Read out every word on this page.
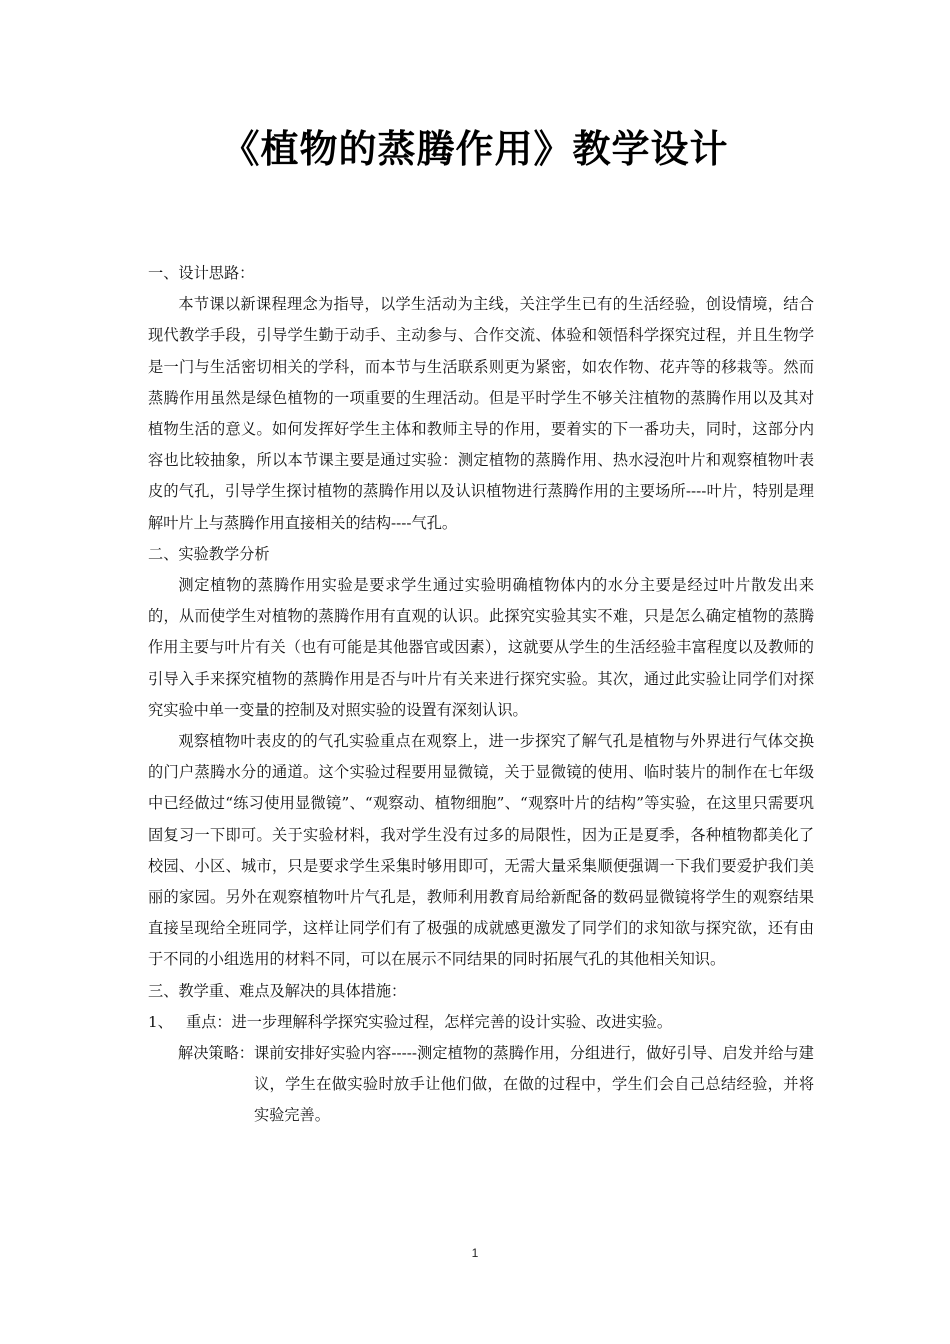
《植物的蒸腾作用》教学设计

一、设计思路：

本节课以新课程理念为指导，以学生活动为主线，关注学生已有的生活经验，创设情境，结合现代教学手段，引导学生勤于动手、主动参与、合作交流、体验和领悟科学探究过程，并且生物学是一门与生活密切相关的学科，而本节与生活联系则更为紧密，如农作物、花卉等的移栽等。然而蒸腾作用虽然是绿色植物的一项重要的生理活动。但是平时学生不够关注植物的蒸腾作用以及其对植物生活的意义。如何发挥好学生主体和教师主导的作用，要着实的下一番功夫，同时，这部分内容也比较抽象，所以本节课主要是通过实验：测定植物的蒸腾作用、热水浸泡叶片和观察植物叶表皮的气孔，引导学生探讨植物的蒸腾作用以及认识植物进行蒸腾作用的主要场所----叶片，特别是理解叶片上与蒸腾作用直接相关的结构----气孔。

二、实验教学分析

测定植物的蒸腾作用实验是要求学生通过实验明确植物体内的水分主要是经过叶片散发出来的，从而使学生对植物的蒸腾作用有直观的认识。此探究实验其实不难，只是怎么确定植物的蒸腾作用主要与叶片有关（也有可能是其他器官或因素），这就要从学生的生活经验丰富程度以及教师的引导入手来探究植物的蒸腾作用是否与叶片有关来进行探究实验。其次，通过此实验让同学们对探究实验中单一变量的控制及对照实验的设置有深刻认识。

观察植物叶表皮的的气孔实验重点在观察上，进一步探究了解气孔是植物与外界进行气体交换的门户蒸腾水分的通道。这个实验过程要用显微镜，关于显微镜的使用、临时装片的制作在七年级中已经做过“练习使用显微镜”、“观察动、植物细胞”、“观察叶片的结构”等实验，在这里只需要巩固复习一下即可。关于实验材料，我对学生没有过多的局限性，因为正是夏季，各种植物都美化了校园、小区、城市，只是要求学生采集时够用即可，无需大量采集顺便强调一下我们要爱护我们美丽的家园。另外在观察植物叶片气孔是，教师利用教育局给新配备的数码显微镜将学生的观察结果直接呈现给全班同学，这样让同学们有了极强的成就感更激发了同学们的求知欲与探究欲，还有由于不同的小组选用的材料不同，可以在展示不同结果的同时拓展气孔的其他相关知识。

三、教学重、难点及解决的具体措施：

1、 重点：进一步理解科学探究实验过程，怎样完善的设计实验、改进实验。
解决策略： 课前安排好实验内容-----测定植物的蒸腾作用，分组进行，做好引导、启发并给与建议，学生在做实验时放手让他们做，在做的过程中，学生们会自己总结经验，并将实验完善。
1
